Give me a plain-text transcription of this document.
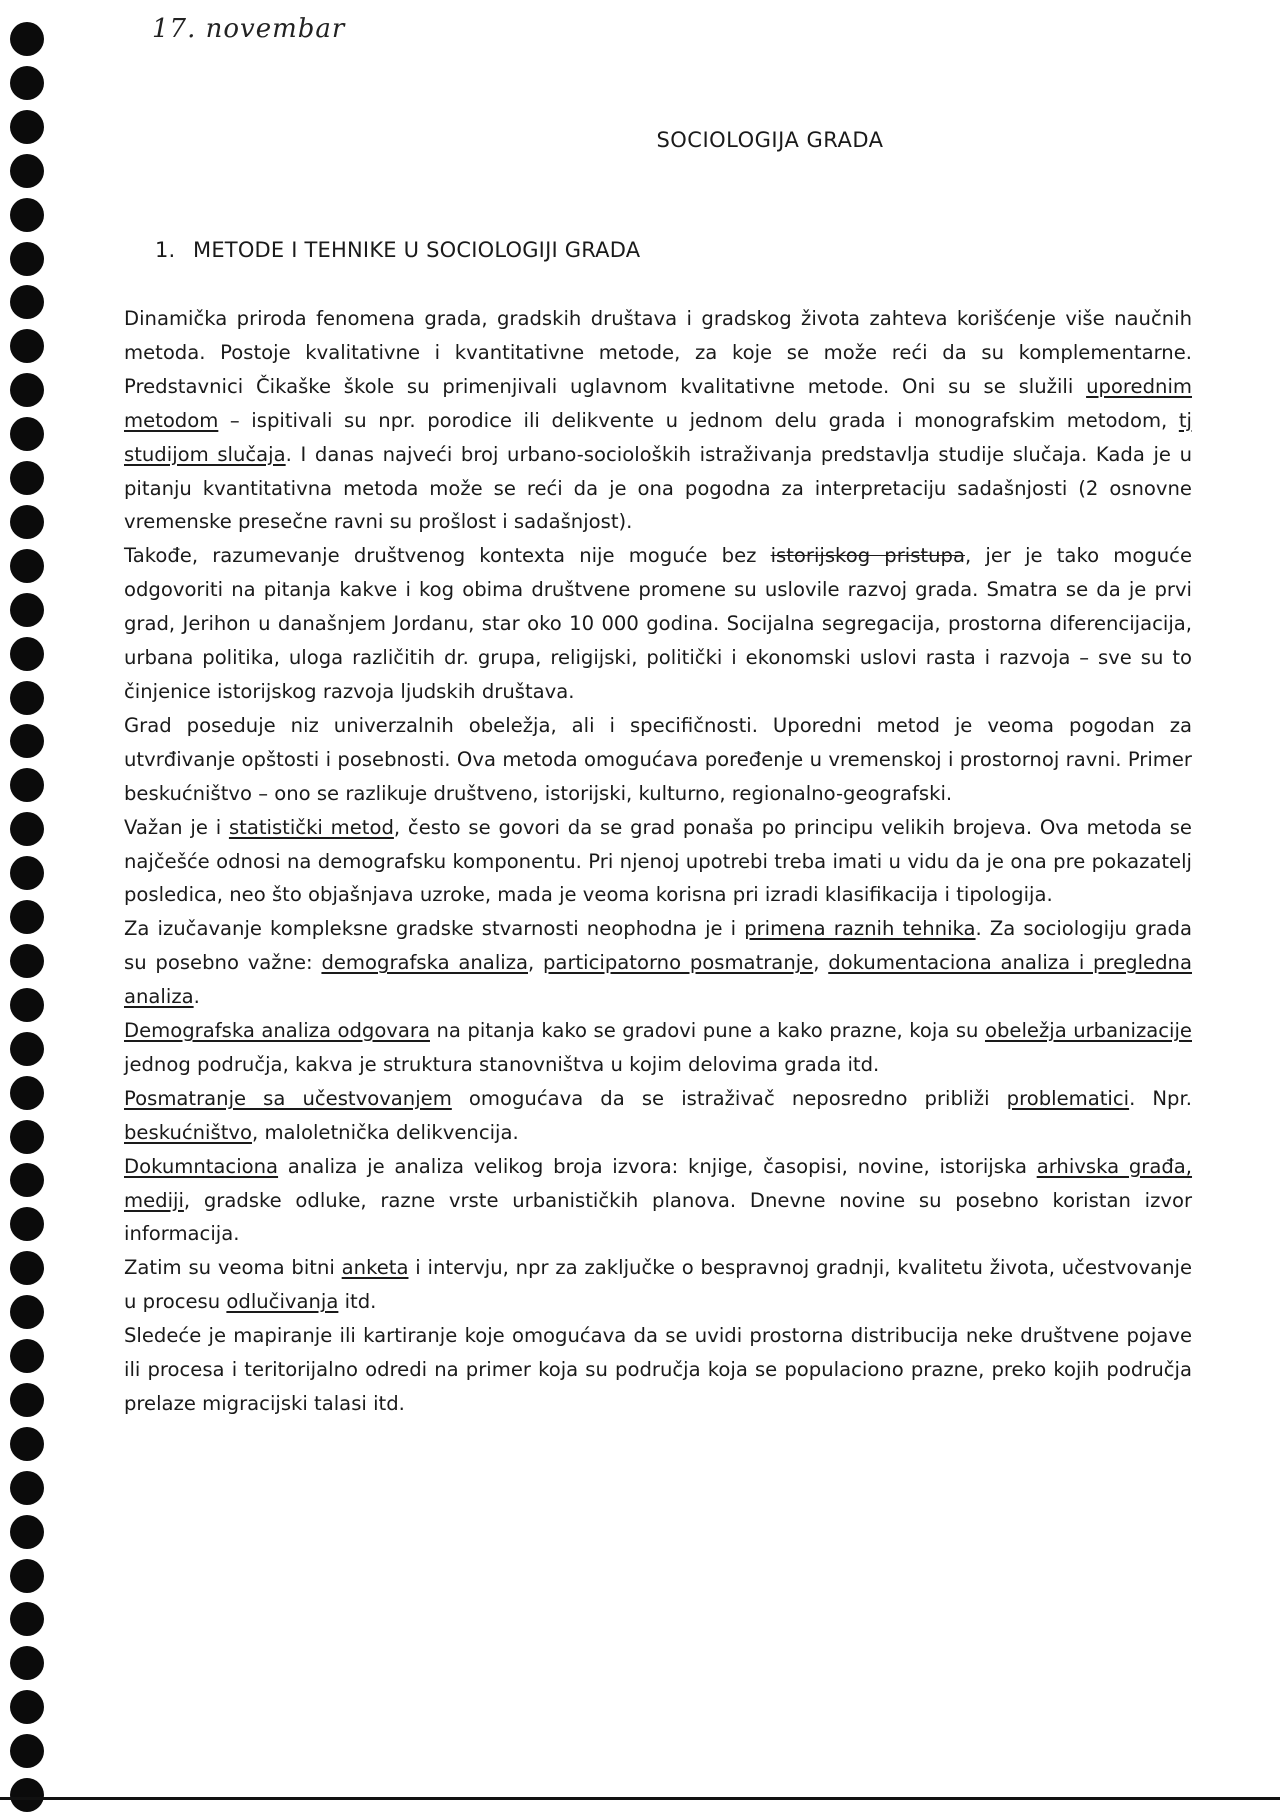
17. novembar
SOCIOLOGIJA GRADA
1. METODE I TEHNIKE U SOCIOLOGIJI GRADA

Dinamička priroda fenomena grada, gradskih društava i gradskog života zahteva korišćenje više naučnih metoda. Postoje kvalitativne i kvantitativne metode, za koje se može reći da su komplementarne. Predstavnici Čikaške škole su primenjivali uglavnom kvalitativne metode. Oni su se služili uporednim metodom – ispitivali su npr. porodice ili delikvente u jednom delu grada i monografskim metodom, tj studijom slučaja. I danas najveći broj urbano-socioloških istraživanja predstavlja studije slučaja. Kada je u pitanju kvantitativna metoda može se reći da je ona pogodna za interpretaciju sadašnjosti (2 osnovne vremenske presečne ravni su prošlost i sadašnjost).

Takođe, razumevanje društvenog kontexta nije moguće bez istorijskog pristupa, jer je tako moguće odgovoriti na pitanja kakve i kog obima društvene promene su uslovile razvoj grada. Smatra se da je prvi grad, Jerihon u današnjem Jordanu, star oko 10 000 godina. Socijalna segregacija, prostorna diferencijacija, urbana politika, uloga različitih dr. grupa, religijski, politički i ekonomski uslovi rasta i razvoja – sve su to činjenice istorijskog razvoja ljudskih društava.

Grad poseduje niz univerzalnih obeležja, ali i specifičnosti. Uporedni metod je veoma pogodan za utvrđivanje opštosti i posebnosti. Ova metoda omogućava poređenje u vremenskoj i prostornoj ravni. Primer beskućništvo – ono se razlikuje društveno, istorijski, kulturno, regionalno-geografski.

Važan je i statistički metod, često se govori da se grad ponaša po principu velikih brojeva. Ova metoda se najčešće odnosi na demografsku komponentu. Pri njenoj upotrebi treba imati u vidu da je ona pre pokazatelj posledica, neo što objašnjava uzroke, mada je veoma korisna pri izradi klasifikacija i tipologija.

Za izučavanje kompleksne gradske stvarnosti neophodna je i primena raznih tehnika. Za sociologiju grada su posebno važne: demografska analiza, participatorno posmatranje, dokumentaciona analiza i pregledna analiza.

Demografska analiza odgovara na pitanja kako se gradovi pune a kako prazne, koja su obeležja urbanizacije jednog područja, kakva je struktura stanovništva u kojim delovima grada itd.

Posmatranje sa učestvovanjem omogućava da se istraživač neposredno približi problematici. Npr. beskućništvo, maloletnička delikvencija.

Dokumntaciona analiza je analiza velikog broja izvora: knjige, časopisi, novine, istorijska arhivska građa, mediji, gradske odluke, razne vrste urbanističkih planova. Dnevne novine su posebno koristan izvor informacija.

Zatim su veoma bitni anketa i intervju, npr za zaključke o bespravnoj gradnji, kvalitetu života, učestvovanje u procesu odlučivanja itd.

Sledeće je mapiranje ili kartiranje koje omogućava da se uvidi prostorna distribucija neke društvene pojave ili procesa i teritorijalno odredi na primer koja su područja koja se populaciono prazne, preko kojih područja prelaze migracijski talasi itd.
